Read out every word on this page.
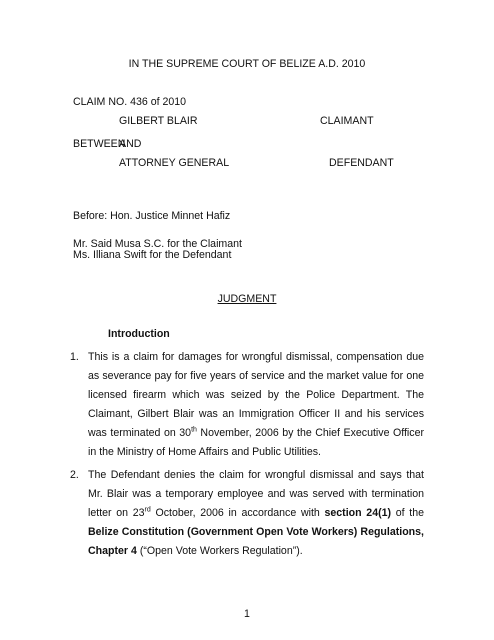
IN THE SUPREME COURT OF BELIZE A.D. 2010
CLAIM NO. 436 of 2010
GILBERT BLAIR	CLAIMANT
BETWEEN
AND
ATTORNEY GENERAL	DEFENDANT
Before: Hon. Justice Minnet Hafiz
Mr. Said Musa S.C. for the Claimant
Ms. Illiana Swift for the Defendant
JUDGMENT
Introduction
1. This is a claim for damages for wrongful dismissal, compensation due as severance pay for five years of service and the market value for one licensed firearm which was seized by the Police Department. The Claimant, Gilbert Blair was an Immigration Officer II and his services was terminated on 30th November, 2006 by the Chief Executive Officer in the Ministry of Home Affairs and Public Utilities.

2. The Defendant denies the claim for wrongful dismissal and says that Mr. Blair was a temporary employee and was served with termination letter on 23rd October, 2006 in accordance with section 24(1) of the Belize Constitution (Government Open Vote Workers) Regulations, Chapter 4 (“Open Vote Workers Regulation”).

1
